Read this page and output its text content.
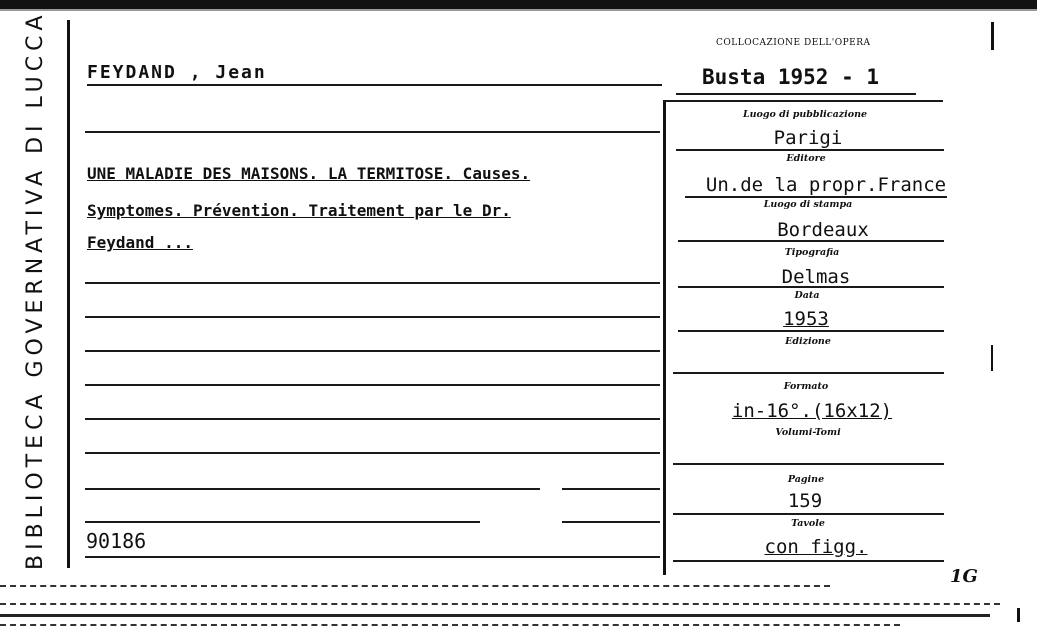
BIBLIOTECA GOVERNATIVA DI LUCCA FEYDAND , Jean
COLLOCAZIONE DELL'OPERA
Busta 1952 - 1
UNE MALADIE DES MAISONS. LA TERMITOSE. Causes.
Symptomes. Prévention. Traitement par le Dr.
Feydand ...
90186
Luogo di pubblicazione
Parigi
Editore
Un.de la propr.France
Luogo di stampa
Bordeaux
Tipografia
Delmas
Data
1953
Edizione
Formato
in-16°.(16x12)
Volumi-Tomi
Pagine
159
Tavole
con figg.
1G
